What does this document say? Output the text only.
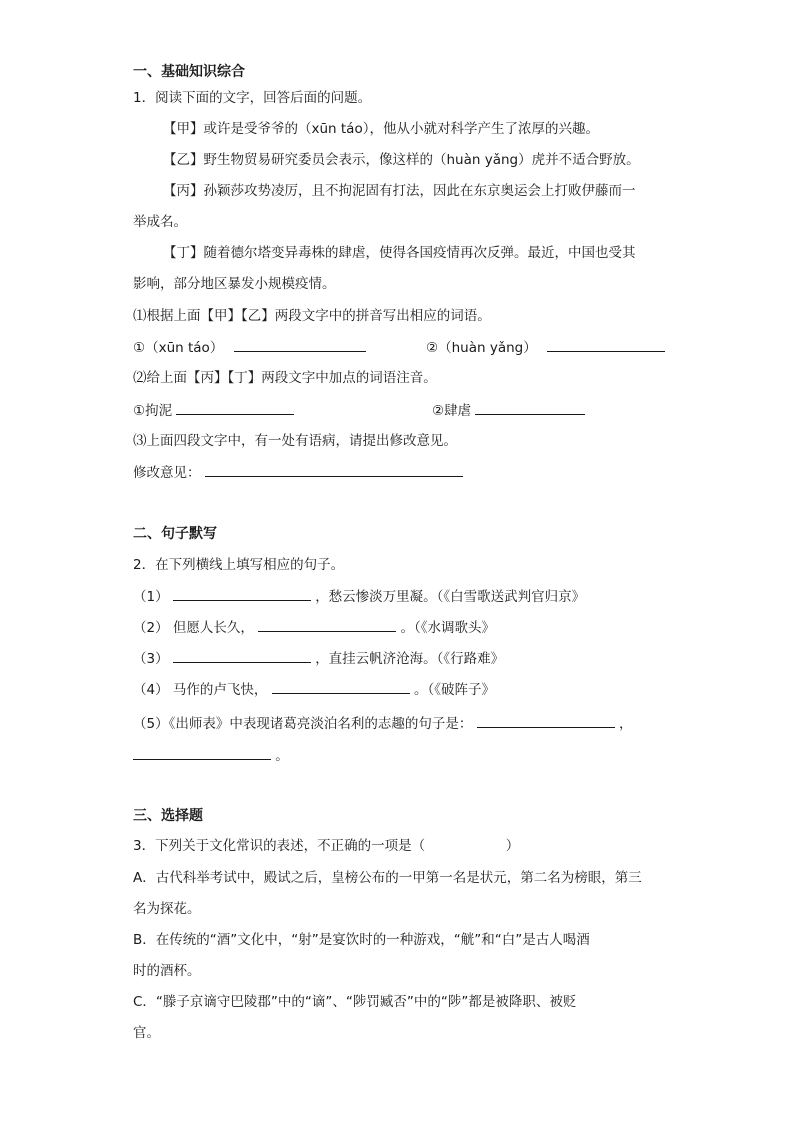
一、基础知识综合
1．阅读下面的文字，回答后面的问题。
【甲】或许是受爷爷的（xūn táo），他从小就对科学产生了浓厚的兴趣。
【乙】野生物贸易研究委员会表示，像这样的（huàn yǎng）虎并不适合野放。
【丙】孙颖莎攻势凌厉，且不拘泥固有打法，因此在东京奥运会上打败伊藤而一
举成名。
【丁】随着德尔塔变异毒株的肆虐，使得各国疫情再次反弹。最近，中国也受其
影响，部分地区暴发小规模疫情。
⑴根据上面【甲】【乙】两段文字中的拼音写出相应的词语。
①（xūn táo）	②（huàn yǎng）
⑵给上面【丙】【丁】两段文字中加点的词语注音。
①拘泥	②肆虐
⑶上面四段文字中，有一处有语病，请提出修改意见。
修改意见：
二、句子默写
2．在下列横线上填写相应的句子。
（1）	，愁云惨淡万里凝。（《白雪歌送武判官归京》
（2） 但愿人长久，	。（《水调歌头》
（3）	，直挂云帆济沧海。（《行路难》
（4） 马作的卢飞快，	。（《破阵子》
（5）《出师表》中表现诸葛亮淡泊名利的志趣的句子是：	，
。
三、选择题
3．下列关于文化常识的表述，不正确的一项是（	）
A．古代科举考试中，殿试之后，皇榜公布的一甲第一名是状元，第二名为榜眼，第三
名为探花。
B．在传统的“酒”文化中，“射”是宴饮时的一种游戏，“觥”和“白”是古人喝酒
时的酒杯。
C．“滕子京谪守巴陵郡”中的“谪”、“陟罚臧否”中的“陟”都是被降职、被贬
官。
